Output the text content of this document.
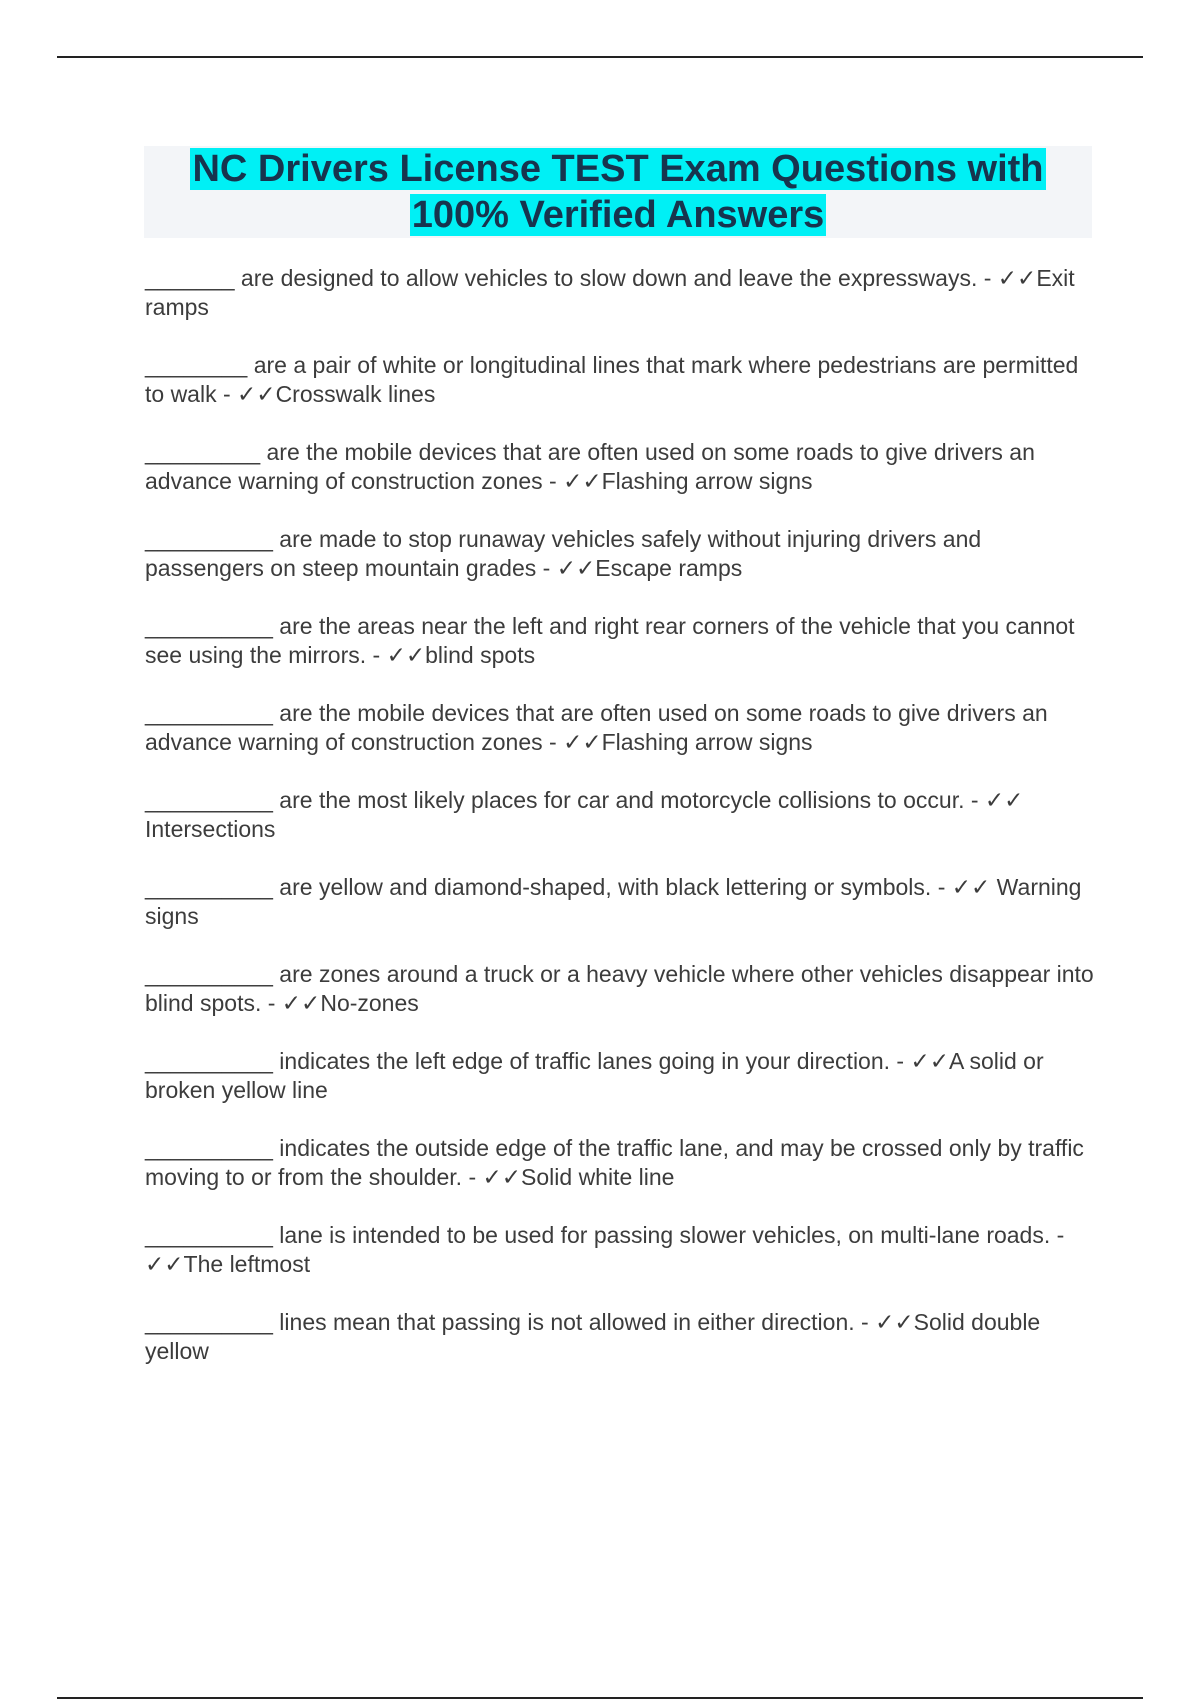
NC Drivers License TEST Exam Questions with
100% Verified Answers
_______ are designed to allow vehicles to slow down and leave the expressways. - ✓✓Exit ramps
________ are a pair of white or longitudinal lines that mark where pedestrians are permitted to walk - ✓✓Crosswalk lines
_________ are the mobile devices that are often used on some roads to give drivers an advance warning of construction zones - ✓✓Flashing arrow signs
__________ are made to stop runaway vehicles safely without injuring drivers and passengers on steep mountain grades - ✓✓Escape ramps
__________ are the areas near the left and right rear corners of the vehicle that you cannot see using the mirrors. - ✓✓blind spots
__________ are the mobile devices that are often used on some roads to give drivers an advance warning of construction zones - ✓✓Flashing arrow signs
__________ are the most likely places for car and motorcycle collisions to occur. - ✓✓ Intersections
__________ are yellow and diamond-shaped, with black lettering or symbols. - ✓✓ Warning signs
__________ are zones around a truck or a heavy vehicle where other vehicles disappear into blind spots. - ✓✓No-zones
__________ indicates the left edge of traffic lanes going in your direction. - ✓✓A solid or broken yellow line
__________ indicates the outside edge of the traffic lane, and may be crossed only by traffic moving to or from the shoulder. - ✓✓Solid white line
__________ lane is intended to be used for passing slower vehicles, on multi-lane roads. - ✓✓The leftmost
__________ lines mean that passing is not allowed in either direction. - ✓✓Solid double yellow
